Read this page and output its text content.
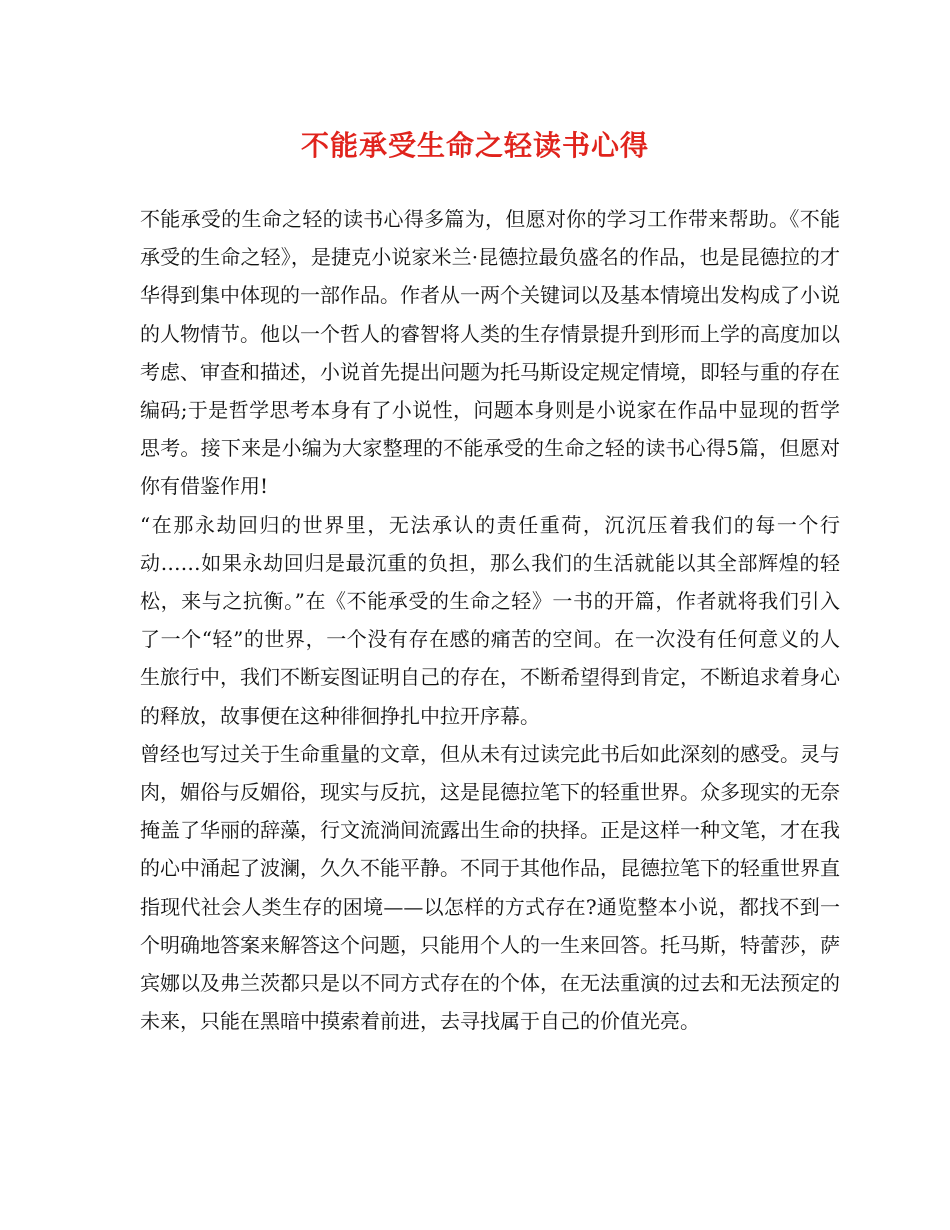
不能承受生命之轻读书心得

不能承受的生命之轻的读书心得多篇为，但愿对你的学习工作带来帮助。《不能承受的生命之轻》，是捷克小说家米兰·昆德拉最负盛名的作品，也是昆德拉的才华得到集中体现的一部作品。作者从一两个关键词以及基本情境出发构成了小说的人物情节。他以一个哲人的睿智将人类的生存情景提升到形而上学的高度加以考虑、审查和描述，小说首先提出问题为托马斯设定规定情境，即轻与重的存在编码;于是哲学思考本身有了小说性，问题本身则是小说家在作品中显现的哲学思考。接下来是小编为大家整理的不能承受的生命之轻的读书心得5篇，但愿对你有借鉴作用!

“在那永劫回归的世界里，无法承认的责任重荷，沉沉压着我们的每一个行动……如果永劫回归是最沉重的负担，那么我们的生活就能以其全部辉煌的轻松，来与之抗衡。”在《不能承受的生命之轻》一书的开篇，作者就将我们引入了一个“轻”的世界，一个没有存在感的痛苦的空间。在一次没有任何意义的人生旅行中，我们不断妄图证明自己的存在，不断希望得到肯定，不断追求着身心的释放，故事便在这种徘徊挣扎中拉开序幕。

曾经也写过关于生命重量的文章，但从未有过读完此书后如此深刻的感受。灵与肉，媚俗与反媚俗，现实与反抗，这是昆德拉笔下的轻重世界。众多现实的无奈掩盖了华丽的辞藻，行文流淌间流露出生命的抉择。正是这样一种文笔，才在我的心中涌起了波澜，久久不能平静。不同于其他作品，昆德拉笔下的轻重世界直指现代社会人类生存的困境——以怎样的方式存在?通览整本小说，都找不到一个明确地答案来解答这个问题，只能用个人的一生来回答。托马斯，特蕾莎，萨宾娜以及弗兰茨都只是以不同方式存在的个体，在无法重演的过去和无法预定的未来，只能在黑暗中摸索着前进，去寻找属于自己的价值光亮。
